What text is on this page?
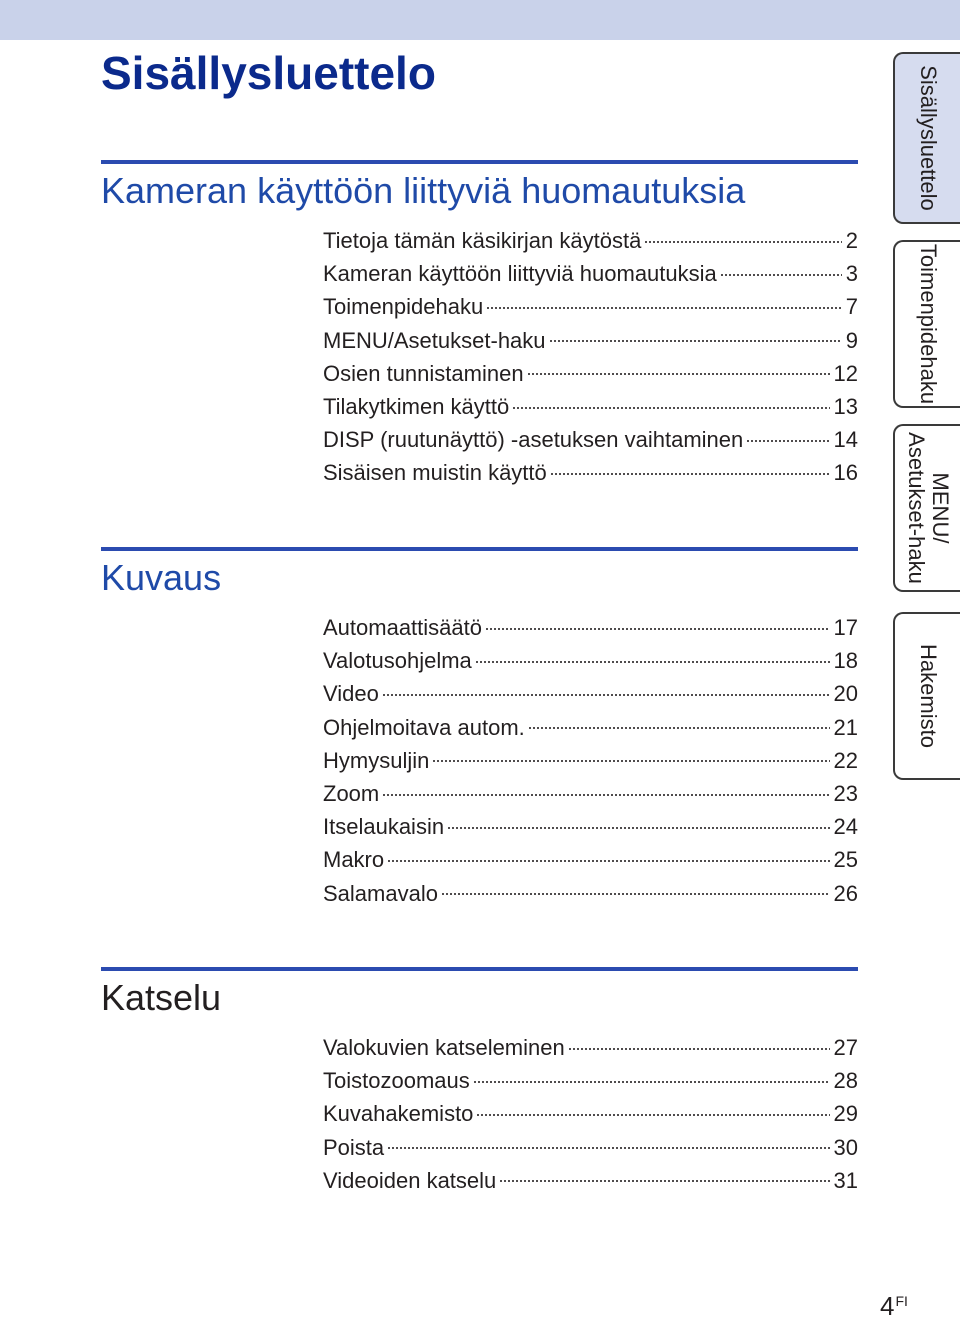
Sisällysluettelo
Kameran käyttöön liittyviä huomautuksia
Tietoja tämän käsikirjan käytöstä	2
Kameran käyttöön liittyviä huomautuksia	3
Toimenpidehaku	7
MENU/Asetukset-haku	9
Osien tunnistaminen	12
Tilakytkimen käyttö	13
DISP (ruutunäyttö) -asetuksen vaihtaminen	14
Sisäisen muistin käyttö	16
Kuvaus
Automaattisäätö	17
Valotusohjelma	18
Video	20
Ohjelmoitava autom.	21
Hymysuljin	22
Zoom	23
Itselaukaisin	24
Makro	25
Salamavalo	26
Katselu
Valokuvien katseleminen	27
Toistozoomaus	28
Kuvahakemisto	29
Poista	30
Videoiden katselu	31
Sisällysluettelo
Toimenpidehaku
MENU/
Asetukset-haku
Hakemisto
$4^{FI}$
